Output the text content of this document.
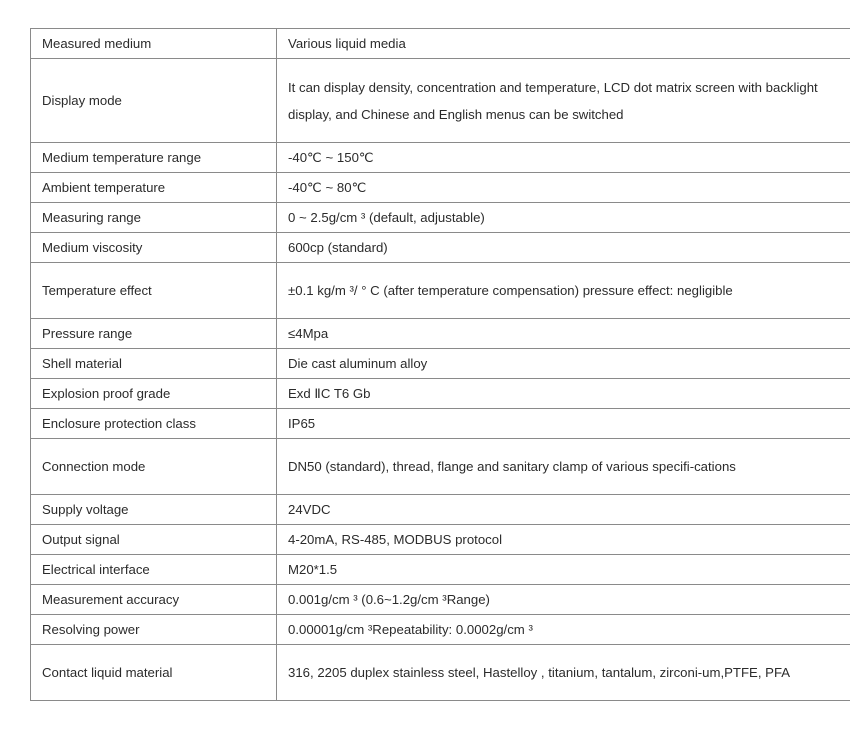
Measured medium	Various liquid media

Display mode	It can display density, concentration and temperature, LCD dot matrix screen with backlight display, and Chinese and English menus can be switched

Medium temperature range	-40℃ ~ 150℃

Ambient temperature	-40℃ ~ 80℃

Measuring range	0 ~ 2.5g/cm ³ (default, adjustable)

Medium viscosity	600cp (standard)

Temperature effect	±0.1 kg/m ³/ ° C (after temperature compensation) pressure effect: negligible

Pressure range	≤4Mpa

Shell material	Die cast aluminum alloy

Explosion proof grade	Exd ⅡC T6 Gb

Enclosure protection class	IP65

Connection mode	DN50 (standard), thread, flange and sanitary clamp of various specifi-cations

Supply voltage	24VDC

Output signal	4-20mA, RS-485, MODBUS protocol

Electrical interface	M20*1.5

Measurement accuracy	0.001g/cm ³ (0.6~1.2g/cm ³Range)

Resolving power	0.00001g/cm ³Repeatability: 0.0002g/cm ³

Contact liquid material	316, 2205 duplex stainless steel, Hastelloy , titanium, tantalum, zirconi-um,PTFE, PFA
